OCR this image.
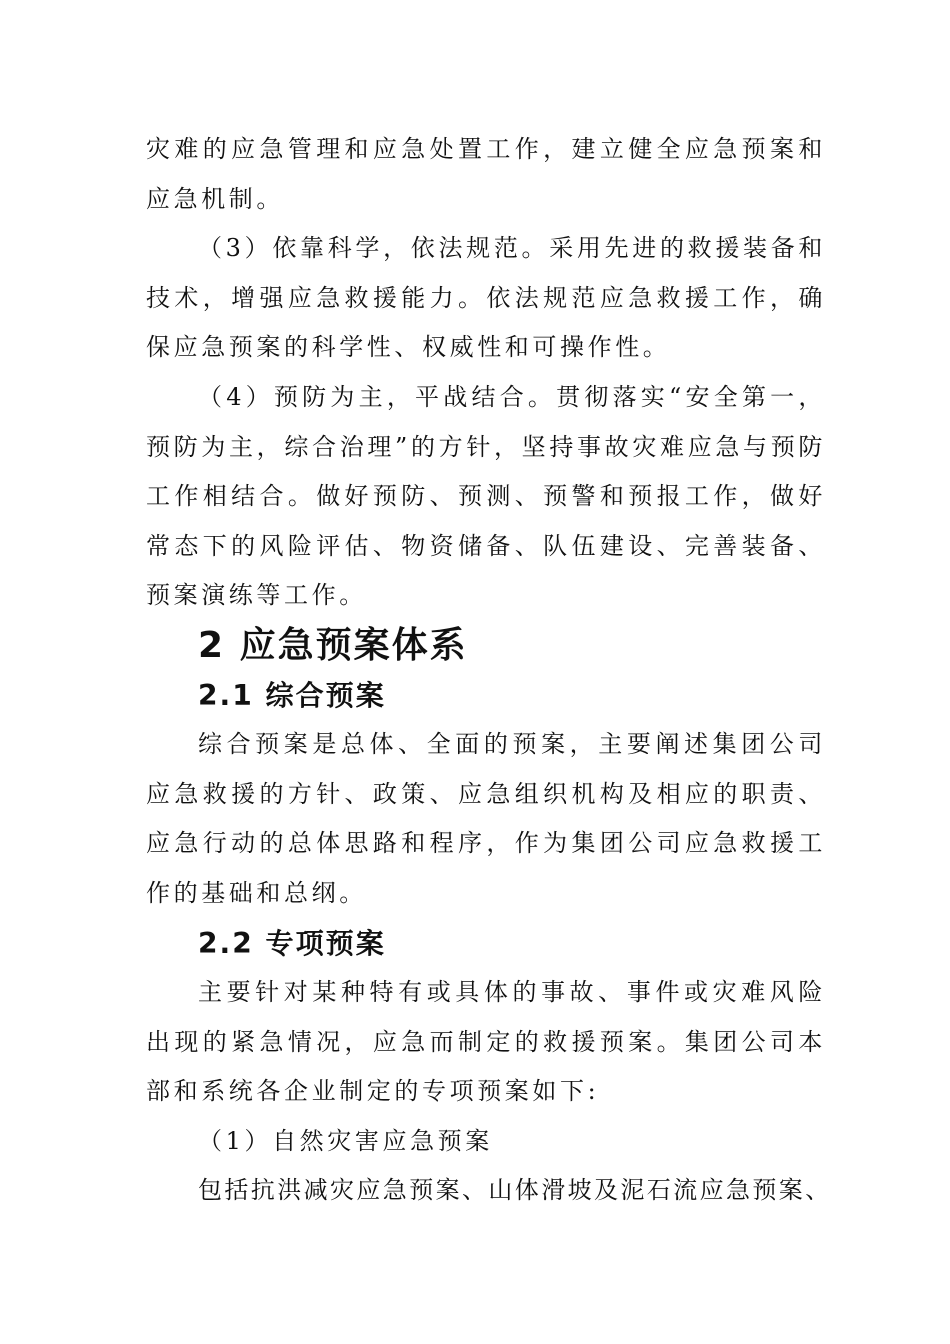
灾难的应急管理和应急处置工作，建立健全应急预案和应急机制。

（3）依靠科学，依法规范。采用先进的救援装备和技术，增强应急救援能力。依法规范应急救援工作，确保应急预案的科学性、权威性和可操作性。

（4）预防为主，平战结合。贯彻落实“安全第一，预防为主，综合治理”的方针，坚持事故灾难应急与预防工作相结合。做好预防、预测、预警和预报工作，做好常态下的风险评估、物资储备、队伍建设、完善装备、预案演练等工作。

2 应急预案体系
2.1 综合预案

综合预案是总体、全面的预案，主要阐述集团公司应急救援的方针、政策、应急组织机构及相应的职责、应急行动的总体思路和程序，作为集团公司应急救援工作的基础和总纲。

2.2 专项预案

主要针对某种特有或具体的事故、事件或灾难风险出现的紧急情况，应急而制定的救援预案。集团公司本部和系统各企业制定的专项预案如下:

（1）自然灾害应急预案

包括抗洪减灾应急预案、山体滑坡及泥石流应急预案、
